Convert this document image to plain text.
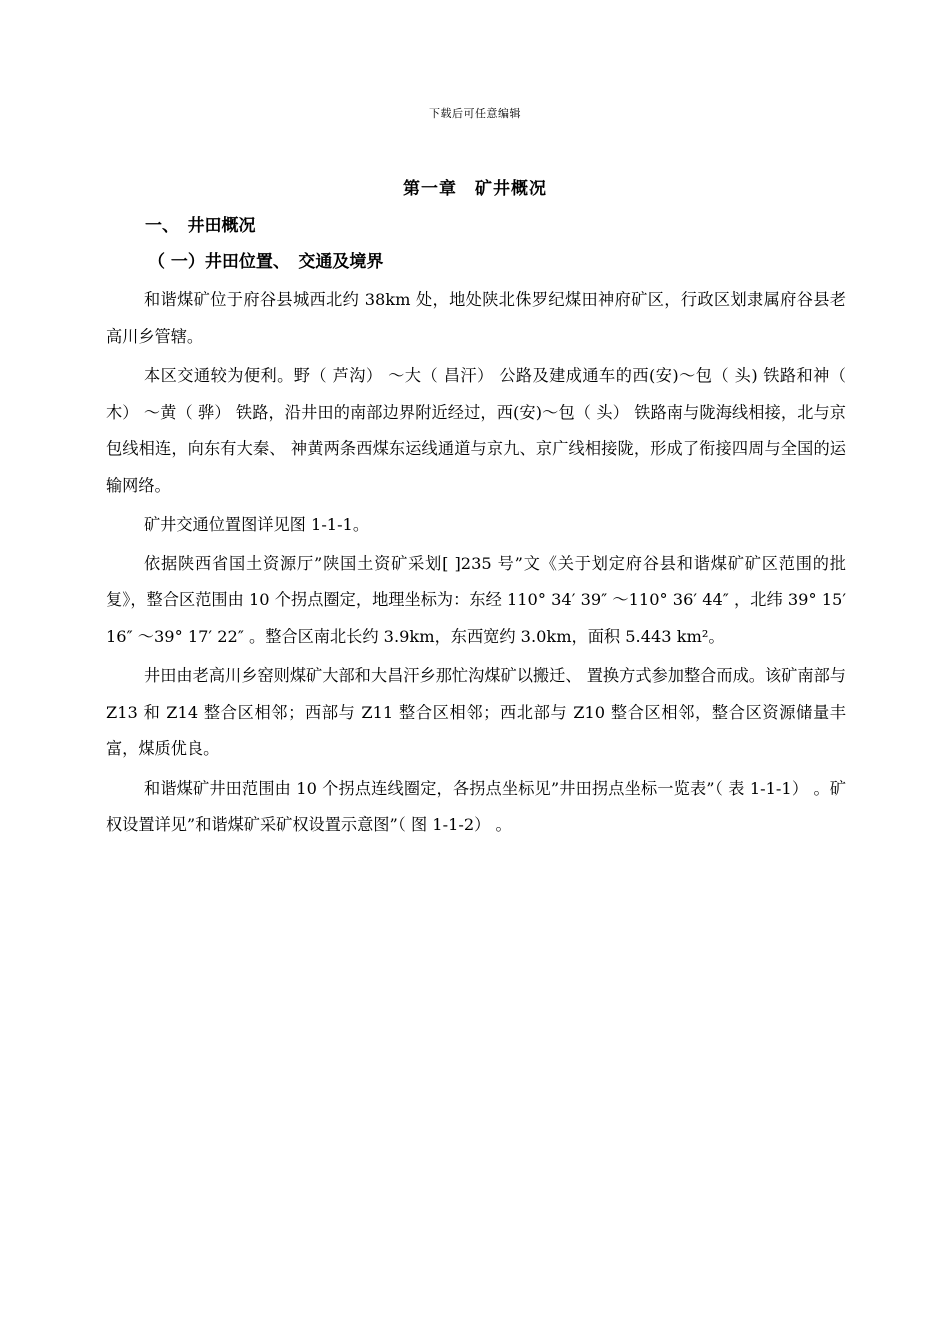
下载后可任意编辑
第一章　矿井概况
一、　井田概况
（ 一）井田位置、　交通及境界

和谐煤矿位于府谷县城西北约 38km 处，地处陕北侏罗纪煤田神府矿区，行政区划隶属府谷县老高川乡管辖。

本区交通较为便利。野（ 芦沟） ～大（ 昌汗） 公路及建成通车的西(安)～包（ 头) 铁路和神（ 木） ～黄（ 骅） 铁路，沿井田的南部边界附近经过，西(安)～包（ 头） 铁路南与陇海线相接，北与京包线相连，向东有大秦、 神黄两条西煤东运线通道与京九、京广线相接陇，形成了衔接四周与全国的运输网络。

矿井交通位置图详见图 1-1-1。

依据陕西省国土资源厅”陕国土资矿采划[ ]235 号”文《关于划定府谷县和谐煤矿矿区范围的批复》，整合区范围由 10 个拐点圈定，地理坐标为：东经 110° 34′ 39″ ～110° 36′ 44″ ，北纬 39° 15′ 16″ ～39° 17′ 22″ 。整合区南北长约 3.9km，东西宽约 3.0km，面积 5.443 km²。

井田由老高川乡窑则煤矿大部和大昌汗乡那忙沟煤矿以搬迁、 置换方式参加整合而成。该矿南部与 Z13 和 Z14 整合区相邻；西部与 Z11 整合区相邻；西北部与 Z10 整合区相邻，整合区资源储量丰富，煤质优良。

和谐煤矿井田范围由 10 个拐点连线圈定，各拐点坐标见”井田拐点坐标一览表”（ 表 1-1-1） 。矿权设置详见”和谐煤矿采矿权设置示意图”（ 图 1-1-2） 。
